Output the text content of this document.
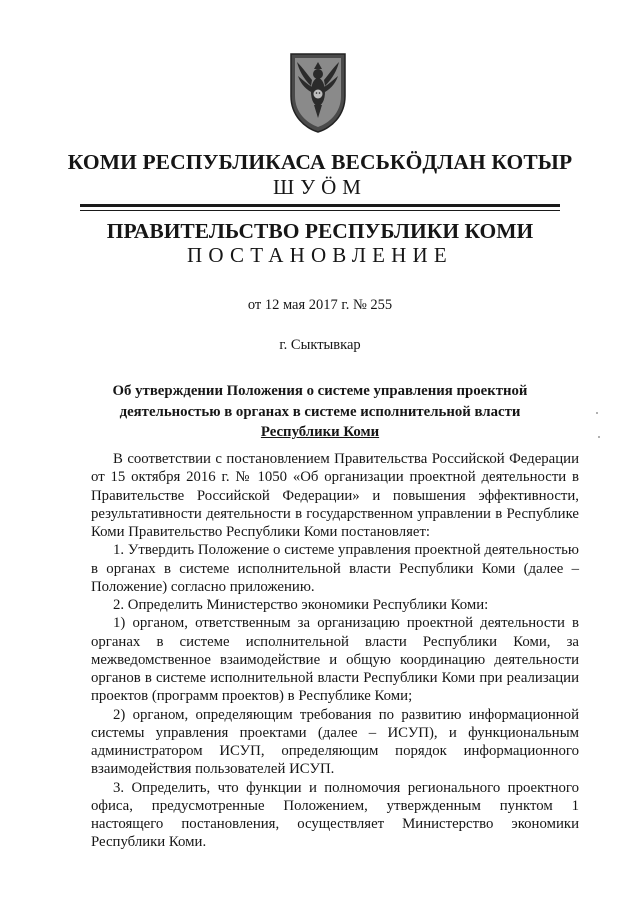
КОМИ РЕСПУБЛИКАСА ВЕСЬКӦДЛАН КОТЫР
ШУӦМ
ПРАВИТЕЛЬСТВО РЕСПУБЛИКИ КОМИ
ПОСТАНОВЛЕНИЕ
от 12 мая 2017 г. № 255
г. Сыктывкар
Об утверждении Положения о системе управления проектной
деятельностью в органах в системе исполнительной власти
Республики Коми

В соответствии с постановлением Правительства Российской Федерации от 15 октября 2016 г. № 1050 «Об организации проектной деятельности в Правительстве Российской Федерации» и повышения эффективности, результативности деятельности в государственном управлении в Республике Коми Правительство Республики Коми постановляет:

1. Утвердить Положение о системе управления проектной деятельностью в органах в системе исполнительной власти Республики Коми (далее – Положение) согласно приложению.

2. Определить Министерство экономики Республики Коми:

1) органом, ответственным за организацию проектной деятельности в органах в системе исполнительной власти Республики Коми, за межведомственное взаимодействие и общую координацию деятельности органов в системе исполнительной власти Республики Коми при реализации проектов (программ проектов) в Республике Коми;

2) органом, определяющим требования по развитию информационной системы управления проектами (далее – ИСУП), и функциональным администратором ИСУП, определяющим порядок информационного взаимодействия пользователей ИСУП.

3. Определить, что функции и полномочия регионального проектного офиса, предусмотренные Положением, утвержденным пунктом 1 настоящего постановления, осуществляет Министерство экономики Республики Коми.
